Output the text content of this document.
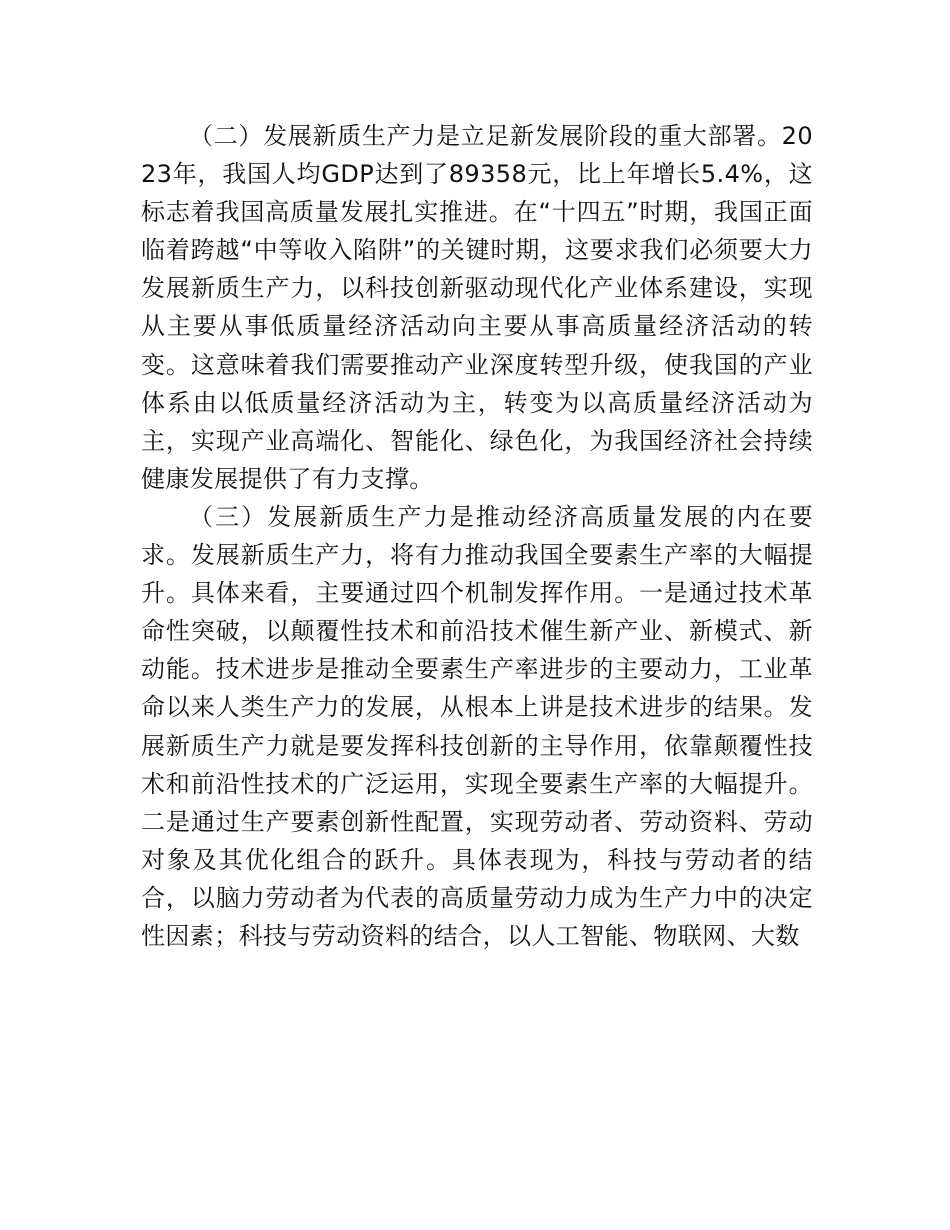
（二）发展新质生产力是立足新发展阶段的重大部署。2023年，我国人均GDP达到了89358元，比上年增长5.4%，这标志着我国高质量发展扎实推进。在“十四五”时期，我国正面临着跨越“中等收入陷阱”的关键时期，这要求我们必须要大力发展新质生产力，以科技创新驱动现代化产业体系建设，实现从主要从事低质量经济活动向主要从事高质量经济活动的转变。这意味着我们需要推动产业深度转型升级，使我国的产业体系由以低质量经济活动为主，转变为以高质量经济活动为主，实现产业高端化、智能化、绿色化，为我国经济社会持续健康发展提供了有力支撑。

（三）发展新质生产力是推动经济高质量发展的内在要求。发展新质生产力，将有力推动我国全要素生产率的大幅提升。具体来看，主要通过四个机制发挥作用。一是通过技术革命性突破，以颠覆性技术和前沿技术催生新产业、新模式、新动能。技术进步是推动全要素生产率进步的主要动力，工业革命以来人类生产力的发展，从根本上讲是技术进步的结果。发展新质生产力就是要发挥科技创新的主导作用，依靠颠覆性技术和前沿性技术的广泛运用，实现全要素生产率的大幅提升。二是通过生产要素创新性配置，实现劳动者、劳动资料、劳动对象及其优化组合的跃升。具体表现为，科技与劳动者的结合，以脑力劳动者为代表的高质量劳动力成为生产力中的决定性因素；科技与劳动资料的结合，以人工智能、物联网、大数
